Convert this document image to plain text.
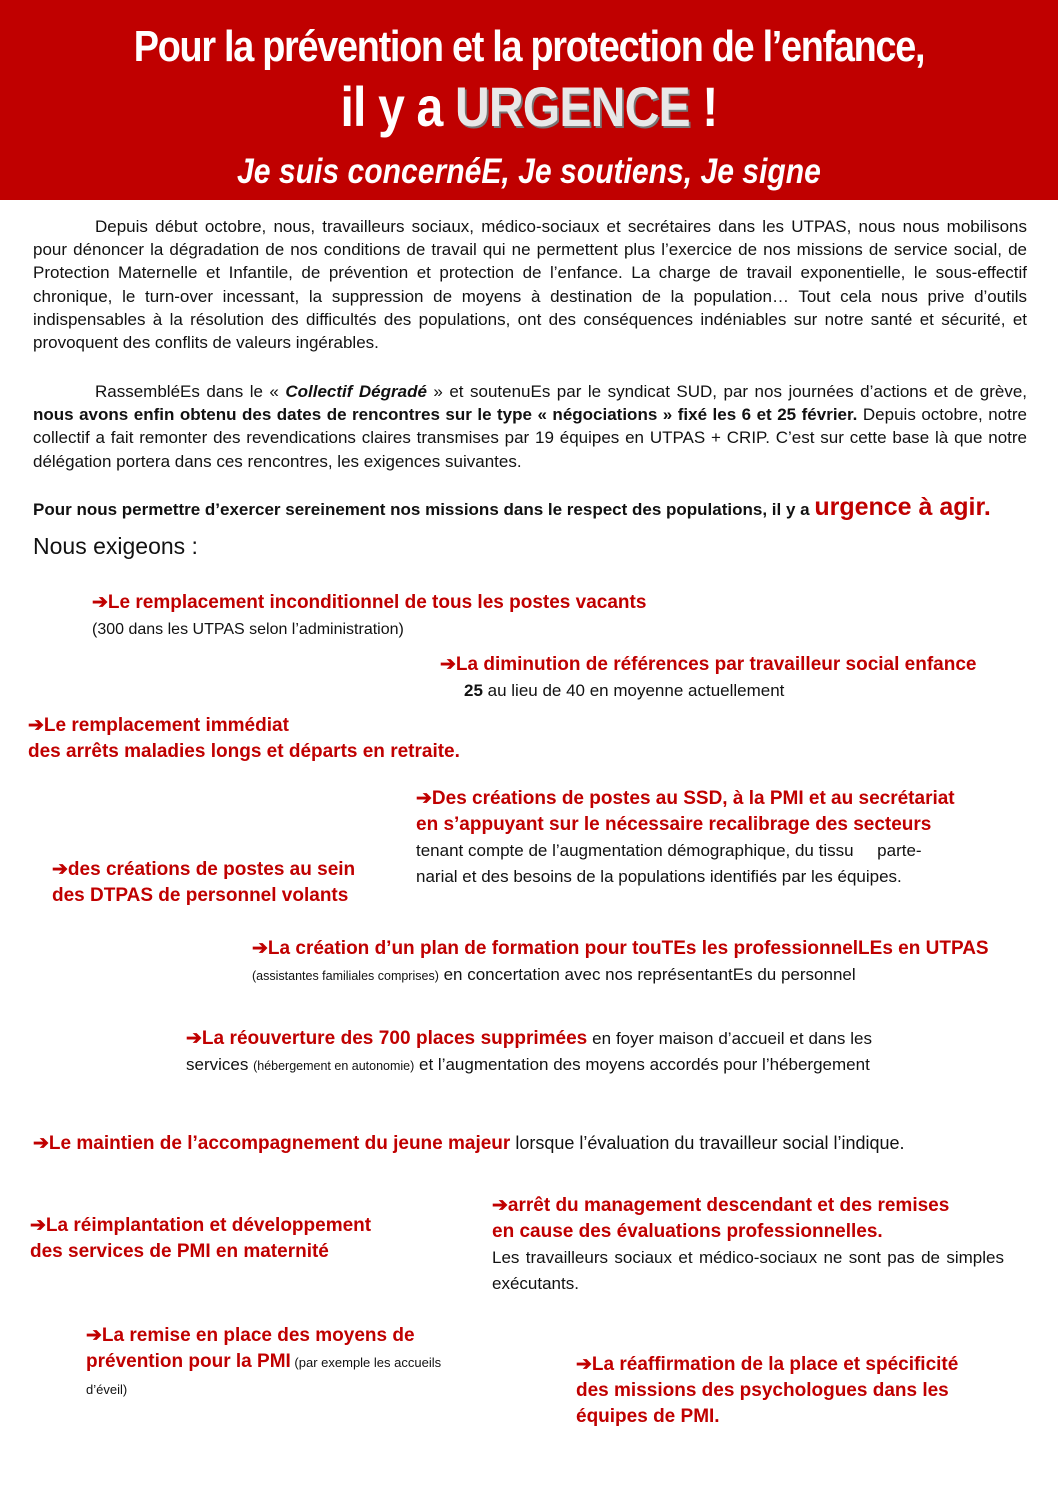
Pour la prévention et la protection de l’enfance,
il y a URGENCE !
Je suis concernéE, Je soutiens, Je signe
Depuis début octobre, nous, travailleurs sociaux, médico-sociaux et secrétaires dans les UTPAS, nous nous mobilisons pour dénoncer la dégradation de nos conditions de travail qui ne permettent plus l’exercice de nos missions de service social, de Protection Maternelle et Infantile, de prévention et protection de l’enfance. La charge de travail exponentielle, le sous-effectif chronique, le turn-over incessant, la suppression de moyens à destination de la population… Tout cela nous prive d’outils indispensables à la résolution des difficultés des populations, ont des conséquences indéniables sur notre santé et sécurité, et provoquent des conflits de valeurs ingérables.
RassembléEs dans le « Collectif Dégradé » et soutenuEs par le syndicat SUD, par nos journées d’actions et de grève, nous avons enfin obtenu des dates de rencontres sur le type « négociations » fixé les 6 et 25 février. Depuis octobre, notre collectif a fait remonter des revendications claires transmises par 19 équipes en UTPAS + CRIP. C’est sur cette base là que notre délégation portera dans ces rencontres, les exigences suivantes.
Pour nous permettre d’exercer sereinement nos missions dans le respect des populations, il y a urgence à agir.
Nous exigeons :
➔Le remplacement inconditionnel de tous les postes vacants
(300 dans les UTPAS selon l’administration)
➔La diminution de références par travailleur social enfance
25 au lieu de 40 en moyenne actuellement
➔Le remplacement immédiat
des arrêts maladies longs et départs en retraite.
➔Des créations de postes au SSD, à la PMI et au secrétariat
en s’appuyant sur le nécessaire recalibrage des secteurs
tenant compte de l’augmentation démographique, du tissu     parte-
narial et des besoins de la populations identifiés par les équipes.
➔des créations de postes au sein
des DTPAS de personnel volants
➔La création d’un plan de formation pour touTEs les professionnelLEs en UTPAS
(assistantes familiales comprises) en concertation avec nos représentantEs du personnel
➔La réouverture des 700 places supprimées en foyer maison d’accueil et dans les services (hébergement en autonomie) et l’augmentation des moyens accordés pour l’hébergement
➔Le maintien de l’accompagnement du jeune majeur lorsque l’évaluation du travailleur social l’indique.
➔La réimplantation et développement
des services de PMI en maternité
➔arrêt du management descendant et des remises
en cause des évaluations professionnelles.
Les travailleurs sociaux et médico-sociaux ne sont pas de simples exécutants.
➔La remise en place des moyens de
prévention pour la PMI (par exemple les accueils d’éveil)
➔La réaffirmation de la place et spécificité
des missions des psychologues dans les
équipes de PMI.
